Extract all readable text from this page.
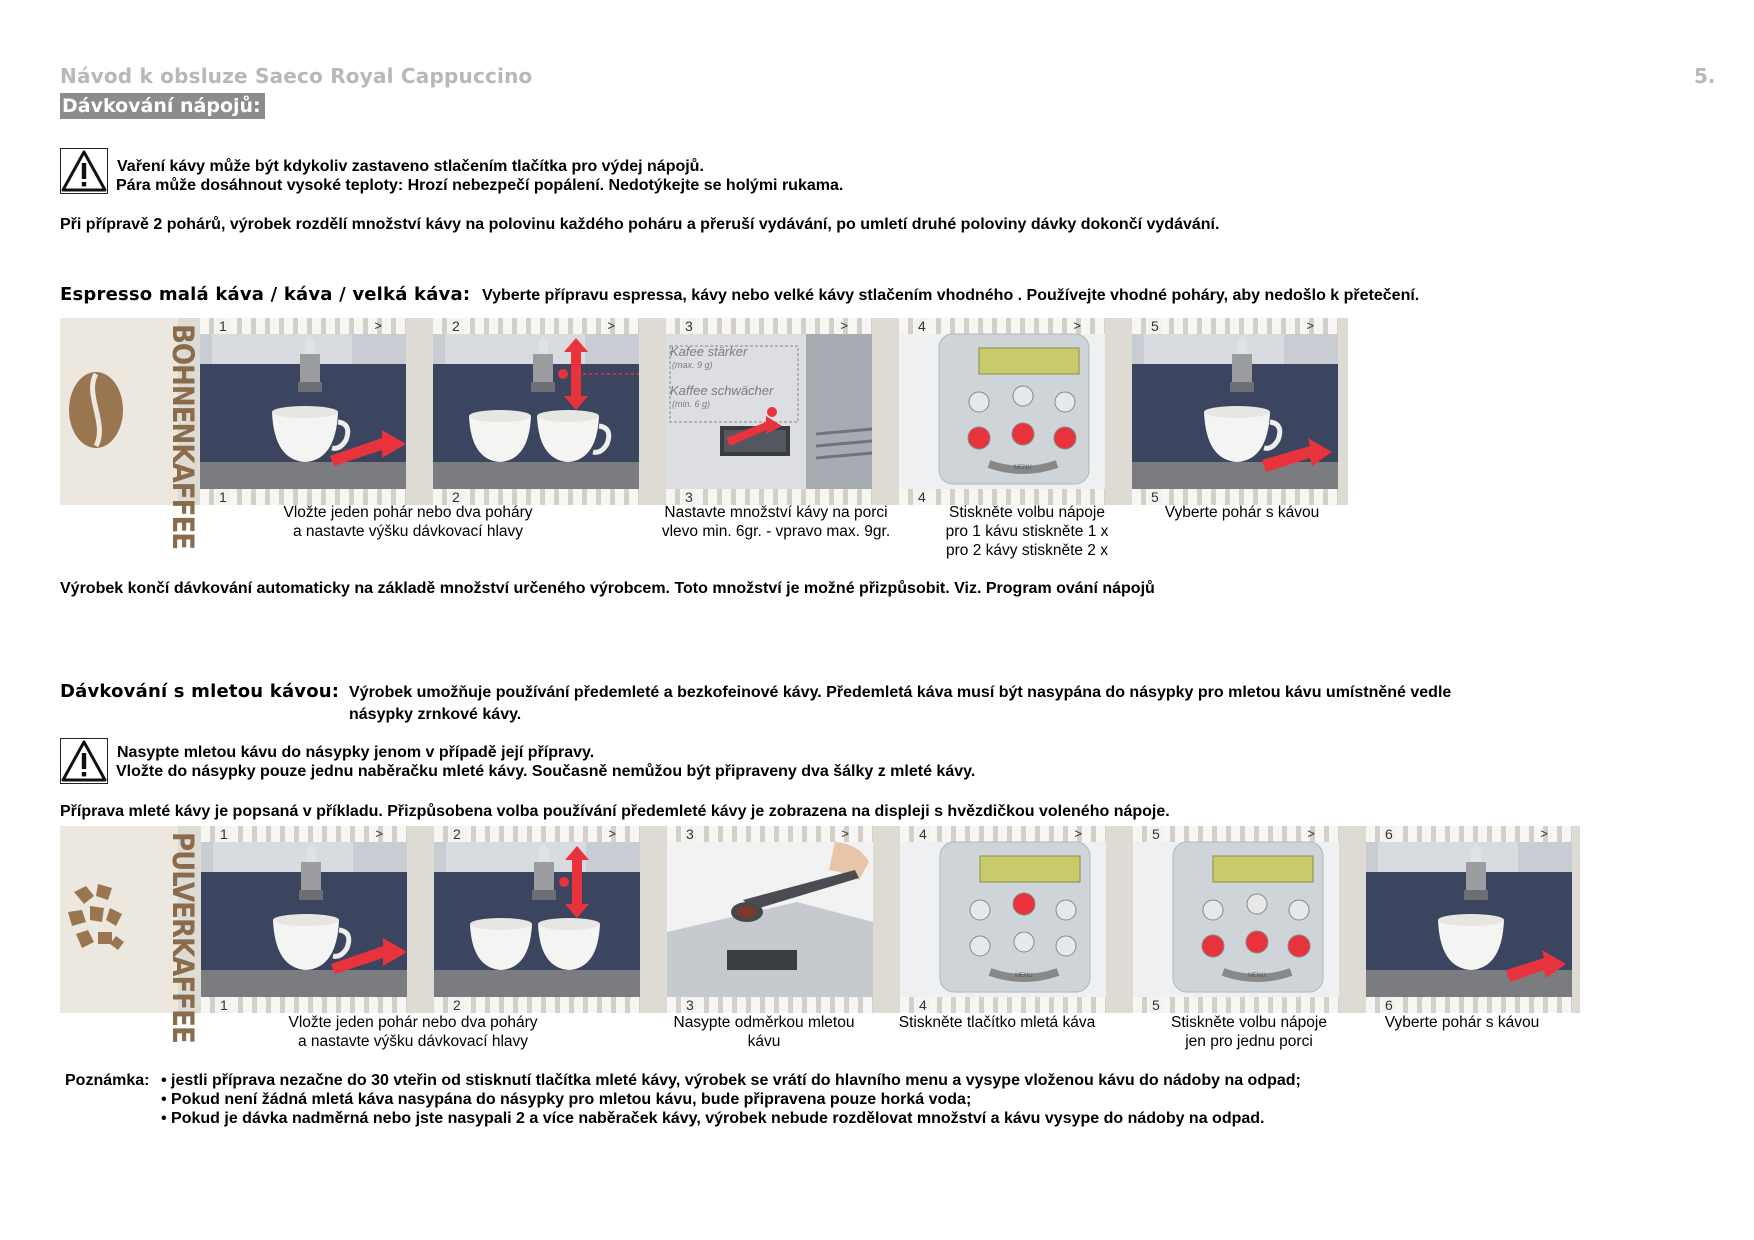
Návod k obsluze Saeco Royal Cappuccino	5.
Dávkování nápojů:
Vaření kávy může být kdykoliv zastaveno stlačením tlačítka pro výdej nápojů.
Pára může dosáhnout vysoké teploty: Hrozí nebezpečí popálení. Nedotýkejte se holými rukama.
Při přípravě 2 pohárů, výrobek rozdělí množství kávy na polovinu každého poháru a přeruší vydávání, po umletí druhé poloviny dávky dokončí vydávání.
Espresso malá káva / káva / velká káva: Vyberte přípravu espressa, kávy nebo velké kávy stlačením vhodného . Používejte vhodné poháry, aby nedošlo k přetečení.
BOHNENKAFFEE 1
1
>	2
2
>	3
3
>
Kafee stärker
(max. 9 g)
Kaffee schwächer
(min. 6 g)
4
4
>
MENU
5
5
>
Vložte jeden pohár nebo dva poháry
a nastavte výšku dávkovací hlavy
Nastavte množství kávy na porci
vlevo min. 6gr. - vpravo max. 9gr.
Stiskněte volbu nápoje
pro 1 kávu stiskněte 1 x
pro 2 kávy stiskněte 2 x
Vyberte pohár s kávou
Výrobek končí dávkování automaticky na základě množství určeného výrobcem. Toto množství je možné přizpůsobit. Viz. Program ování nápojů
Dávkování s mletou kávou: Výrobek umožňuje používání předemleté a bezkofeinové kávy. Předemletá káva musí být nasypána do násypky pro mletou kávu umístněné vedle
násypky zrnkové kávy.
Nasypte mletou kávu do násypky jenom v případě její přípravy.
Vložte do násypky pouze jednu naběračku mleté kávy. Současně nemůžou být připraveny dva šálky z mleté kávy.
Příprava mleté kávy je popsaná v příkladu. Přizpůsobena volba používání předemleté kávy je zobrazena na displeji s hvězdičkou voleného nápoje.
PULVERKAFFEE 1
1
>	2
2
>	3
3
>	4
4
>
MENU
5
5
>
MENU
6
6
>
Vložte jeden pohár nebo dva poháry
a nastavte výšku dávkovací hlavy
Nasypte odměrkou mletou
kávu
Stiskněte tlačítko mletá káva	Stiskněte volbu nápoje
jen pro jednu porci
Vyberte pohár s kávou
Poznámka: • jestli příprava nezačne do 30 vteřin od stisknutí tlačítka mleté kávy, výrobek se vrátí do hlavního menu a vysype vloženou kávu do nádoby na odpad;
• Pokud není žádná mletá káva nasypána do násypky pro mletou kávu, bude připravena pouze horká voda;
• Pokud je dávka nadměrná nebo jste nasypali 2 a více naběraček kávy, výrobek nebude rozdělovat množství a kávu vysype do nádoby na odpad.
